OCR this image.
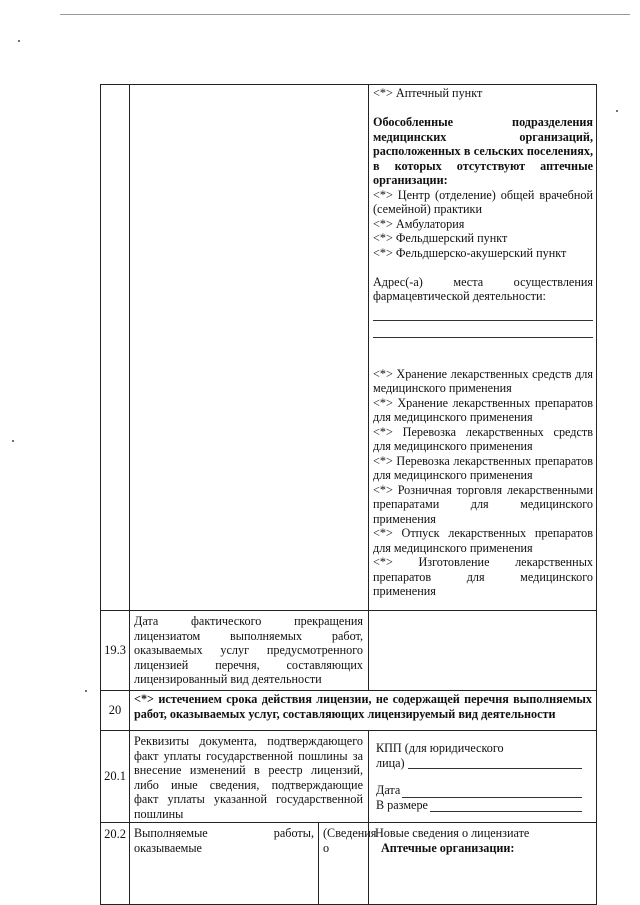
<*> Аптечный пункт
Обособленные подразделения медицинских организаций, расположенных в сельских поселениях, в которых отсутствуют аптечные организации:
<*> Центр (отделение) общей врачебной (семейной) практики
<*> Амбулатория
<*> Фельдшерский пункт
<*> Фельдшерско-акушерский пункт
Адрес(-а) места осуществления фармацевтической деятельности:
<*> Хранение лекарственных средств для медицинского применения
<*> Хранение лекарственных препаратов для медицинского применения
<*> Перевозка лекарственных средств для медицинского применения
<*> Перевозка лекарственных препаратов для медицинского применения
<*> Розничная торговля лекарственными препаратами для медицинского применения
<*> Отпуск лекарственных препаратов для медицинского применения
<*> Изготовление лекарственных препаратов для медицинского применения
19.3
Дата фактического прекращения лицензиатом выполняемых работ, оказываемых услуг предусмотренного лицензией перечня, составляющих лицензированный вид деятельности
20
<*> истечением срока действия лицензии, не содержащей перечня выполняемых работ, оказываемых услуг, составляющих лицензируемый вид деятельности
20.1
Реквизиты документа, подтверждающего факт уплаты государственной пошлины за внесение изменений в реестр лицензий, либо иные сведения, подтверждающие факт уплаты указанной государственной пошлины
КПП (для юридического лица)
Дата
В размере
20.2 Выполняемые работы, оказываемые
(Сведения о
Новые сведения о лицензиате
Аптечные организации:
